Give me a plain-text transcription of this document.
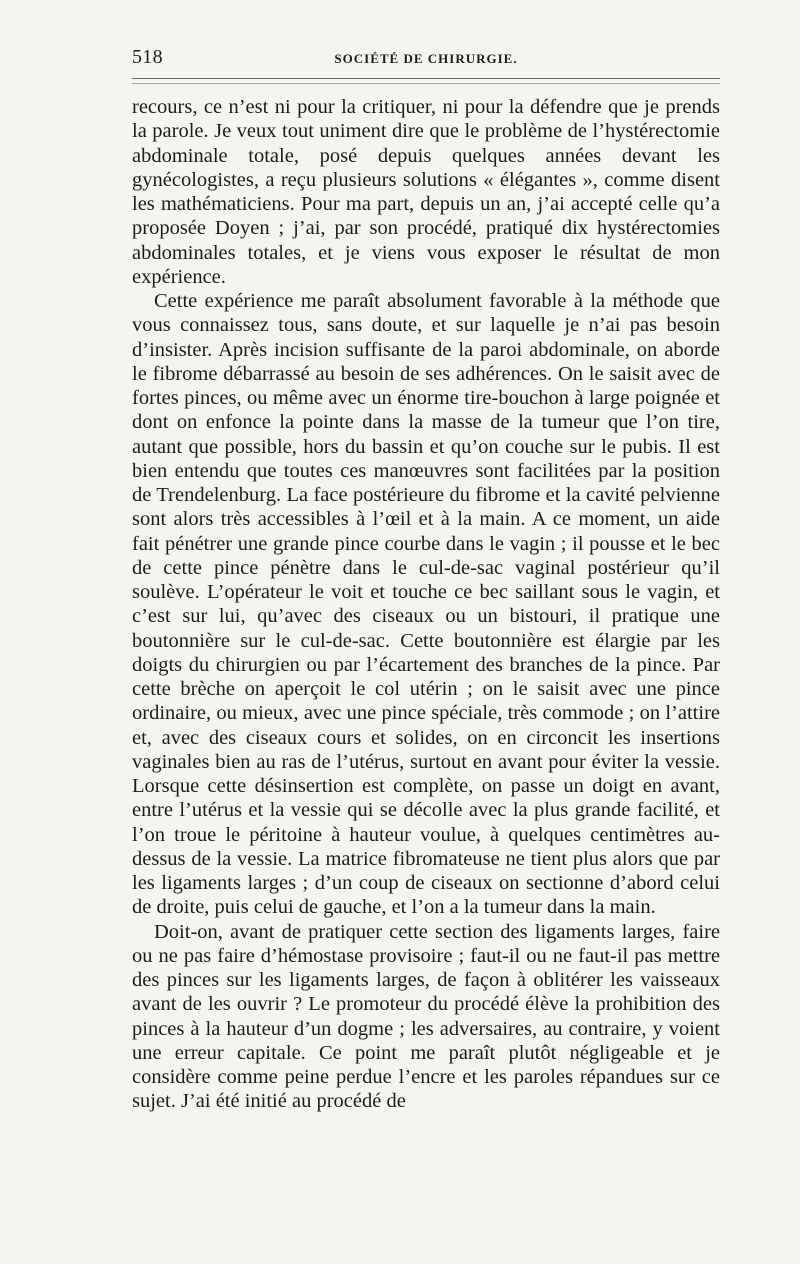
518	SOCIÉTÉ DE CHIRURGIE.

recours, ce n’est ni pour la critiquer, ni pour la défendre que je prends la parole. Je veux tout uniment dire que le problème de l’hystérectomie abdominale totale, posé depuis quelques années devant les gynécologistes, a reçu plusieurs solutions « élégantes », comme disent les mathématiciens. Pour ma part, depuis un an, j’ai accepté celle qu’a proposée Doyen ; j’ai, par son procédé, pratiqué dix hystérectomies abdominales totales, et je viens vous exposer le résultat de mon expérience.

Cette expérience me paraît absolument favorable à la méthode que vous connaissez tous, sans doute, et sur laquelle je n’ai pas besoin d’insister. Après incision suffisante de la paroi abdominale, on aborde le fibrome débarrassé au besoin de ses adhérences. On le saisit avec de fortes pinces, ou même avec un énorme tire-bouchon à large poignée et dont on enfonce la pointe dans la masse de la tumeur que l’on tire, autant que possible, hors du bassin et qu’on couche sur le pubis. Il est bien entendu que toutes ces manœuvres sont facilitées par la position de Trendelenburg. La face postérieure du fibrome et la cavité pelvienne sont alors très accessibles à l’œil et à la main. A ce moment, un aide fait pénétrer une grande pince courbe dans le vagin ; il pousse et le bec de cette pince pénètre dans le cul-de-sac vaginal postérieur qu’il soulève. L’opérateur le voit et touche ce bec saillant sous le vagin, et c’est sur lui, qu’avec des ciseaux ou un bistouri, il pratique une boutonnière sur le cul-de-sac. Cette boutonnière est élargie par les doigts du chirurgien ou par l’écartement des branches de la pince. Par cette brèche on aperçoit le col utérin ; on le saisit avec une pince ordinaire, ou mieux, avec une pince spéciale, très commode ; on l’attire et, avec des ciseaux cours et solides, on en circoncit les insertions vaginales bien au ras de l’utérus, surtout en avant pour éviter la vessie. Lorsque cette désinsertion est complète, on passe un doigt en avant, entre l’utérus et la vessie qui se décolle avec la plus grande facilité, et l’on troue le péritoine à hauteur voulue, à quelques centimètres au-dessus de la vessie. La matrice fibromateuse ne tient plus alors que par les ligaments larges ; d’un coup de ciseaux on sectionne d’abord celui de droite, puis celui de gauche, et l’on a la tumeur dans la main.

Doit-on, avant de pratiquer cette section des ligaments larges, faire ou ne pas faire d’hémostase provisoire ; faut-il ou ne faut-il pas mettre des pinces sur les ligaments larges, de façon à oblitérer les vaisseaux avant de les ouvrir ? Le promoteur du procédé élève la prohibition des pinces à la hauteur d’un dogme ; les adversaires, au contraire, y voient une erreur capitale. Ce point me paraît plutôt négligeable et je considère comme peine perdue l’encre et les paroles répandues sur ce sujet. J’ai été initié au procédé de
